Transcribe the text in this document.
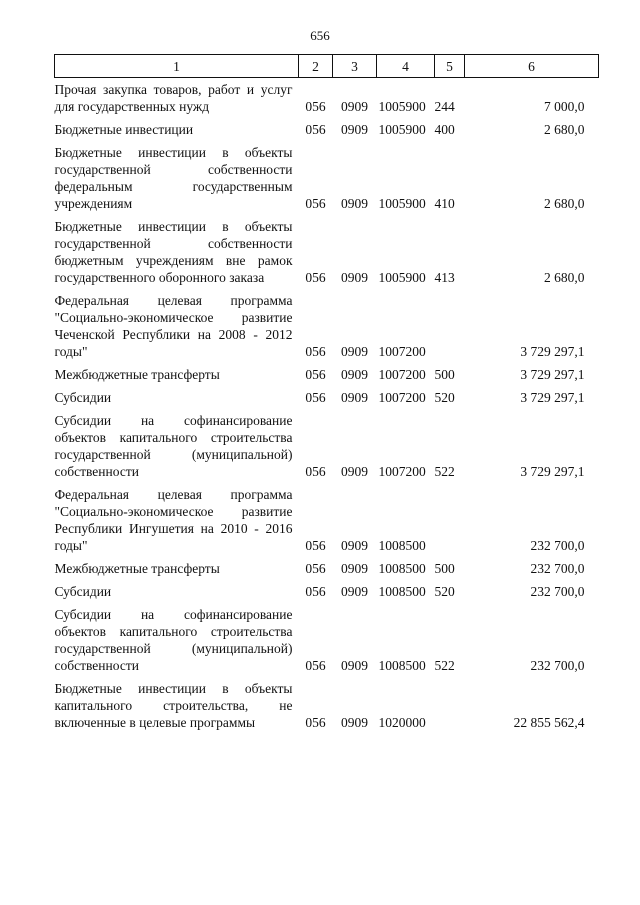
656
1	2	3	4	5	6
Прочая закупка товаров, работ и услуг для государственных нужд	056	0909	1005900	244	7 000,0
Бюджетные инвестиции	056	0909	1005900	400	2 680,0
Бюджетные инвестиции в объекты государственной собственности федеральным государственным учреждениям	056	0909	1005900	410	2 680,0
Бюджетные инвестиции в объекты государственной собственности бюджетным учреждениям вне рамок государственного оборонного заказа	056	0909	1005900	413	2 680,0
Федеральная целевая программа "Социально-экономическое развитие Чеченской Республики на 2008 - 2012 годы"	056	0909	1007200		3 729 297,1
Межбюджетные трансферты	056	0909	1007200	500	3 729 297,1
Субсидии	056	0909	1007200	520	3 729 297,1
Субсидии на софинансирование объектов капитального строительства государственной (муниципальной) собственности	056	0909	1007200	522	3 729 297,1
Федеральная целевая программа "Социально-экономическое развитие Республики Ингушетия на 2010 - 2016 годы"	056	0909	1008500		232 700,0
Межбюджетные трансферты	056	0909	1008500	500	232 700,0
Субсидии	056	0909	1008500	520	232 700,0
Субсидии на софинансирование объектов капитального строительства государственной (муниципальной) собственности	056	0909	1008500	522	232 700,0
Бюджетные инвестиции в объекты капитального строительства, не включенные в целевые программы	056	0909	1020000		22 855 562,4
